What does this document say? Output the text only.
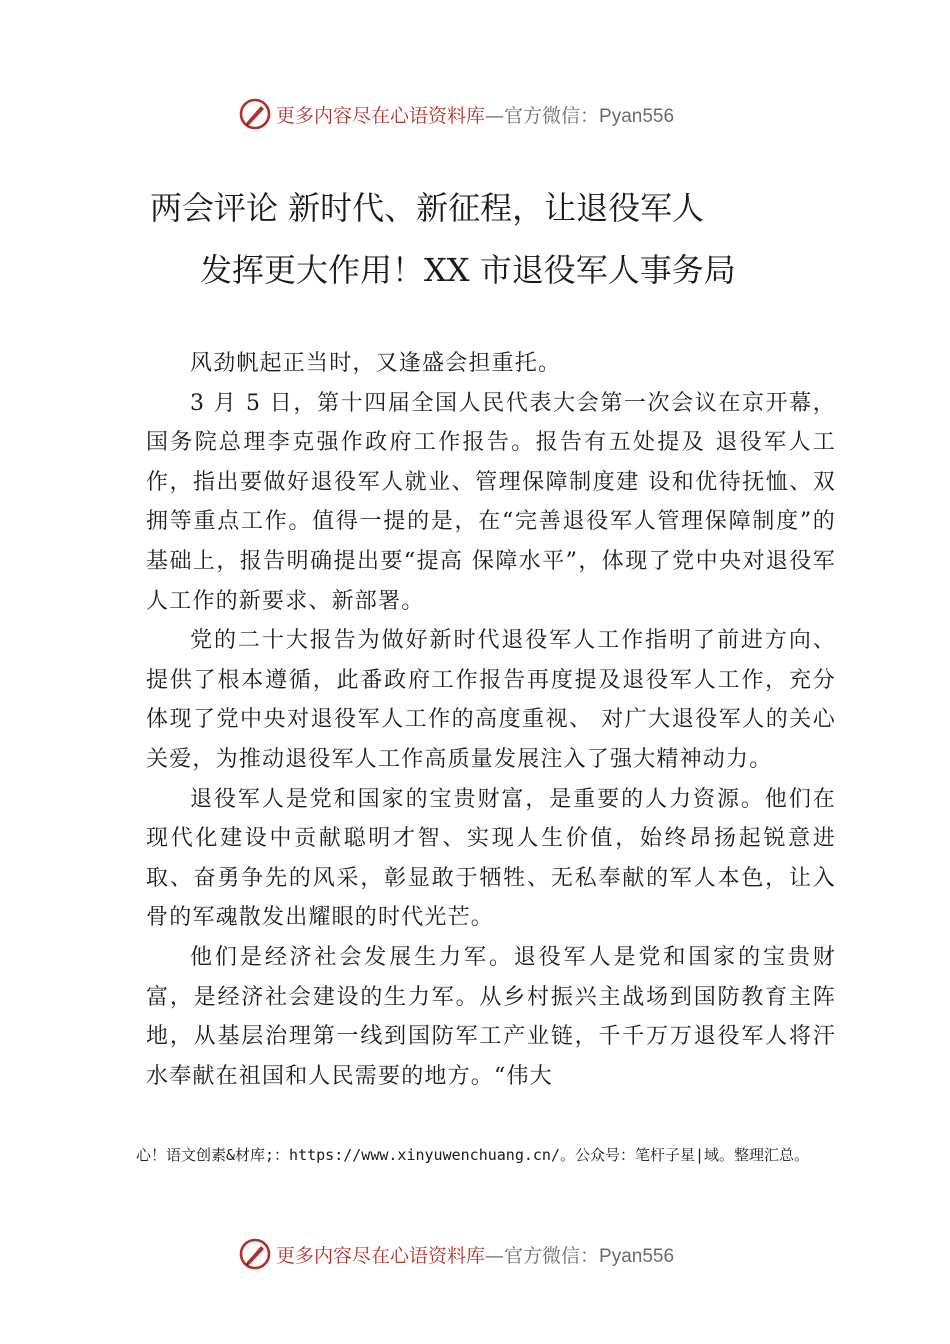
更多内容尽在心语资料库—官方微信：Pyan556
两会评论 新时代、新征程，让退役军人
发挥更大作用！XX 市退役军人事务局

风劲帆起正当时，又逢盛会担重托。

3 月 5 日，第十四届全国人民代表大会第一次会议在京开幕，国务院总理李克强作政府工作报告。报告有五处提及 退役军人工作，指出要做好退役军人就业、管理保障制度建 设和优待抚恤、双拥等重点工作。值得一提的是，在“完善退役军人管理保障制度”的基础上，报告明确提出要“提高 保障水平”，体现了党中央对退役军人工作的新要求、新部署。

党的二十大报告为做好新时代退役军人工作指明了前进方向、提供了根本遵循，此番政府工作报告再度提及退役军人工作，充分体现了党中央对退役军人工作的高度重视、 对广大退役军人的关心关爱，为推动退役军人工作高质量发展注入了强大精神动力。

退役军人是党和国家的宝贵财富，是重要的人力资源。他们在现代化建设中贡献聪明才智、实现人生价值，始终昂扬起锐意进取、奋勇争先的风采，彰显敢于牺牲、无私奉献的军人本色，让入骨的军魂散发出耀眼的时代光芒。

他们是经济社会发展生力军。退役军人是党和国家的宝贵财富，是经济社会建设的生力军。从乡村振兴主战场到国防教育主阵地，从基层治理第一线到国防军工产业链，千千万万退役军人将汗水奉献在祖国和人民需要的地方。“伟大

心！语文创素&材库;：https://www.xinyuwenchuang.cn/。公众号：笔杆子星|域。整理汇总。
更多内容尽在心语资料库—官方微信：Pyan556
